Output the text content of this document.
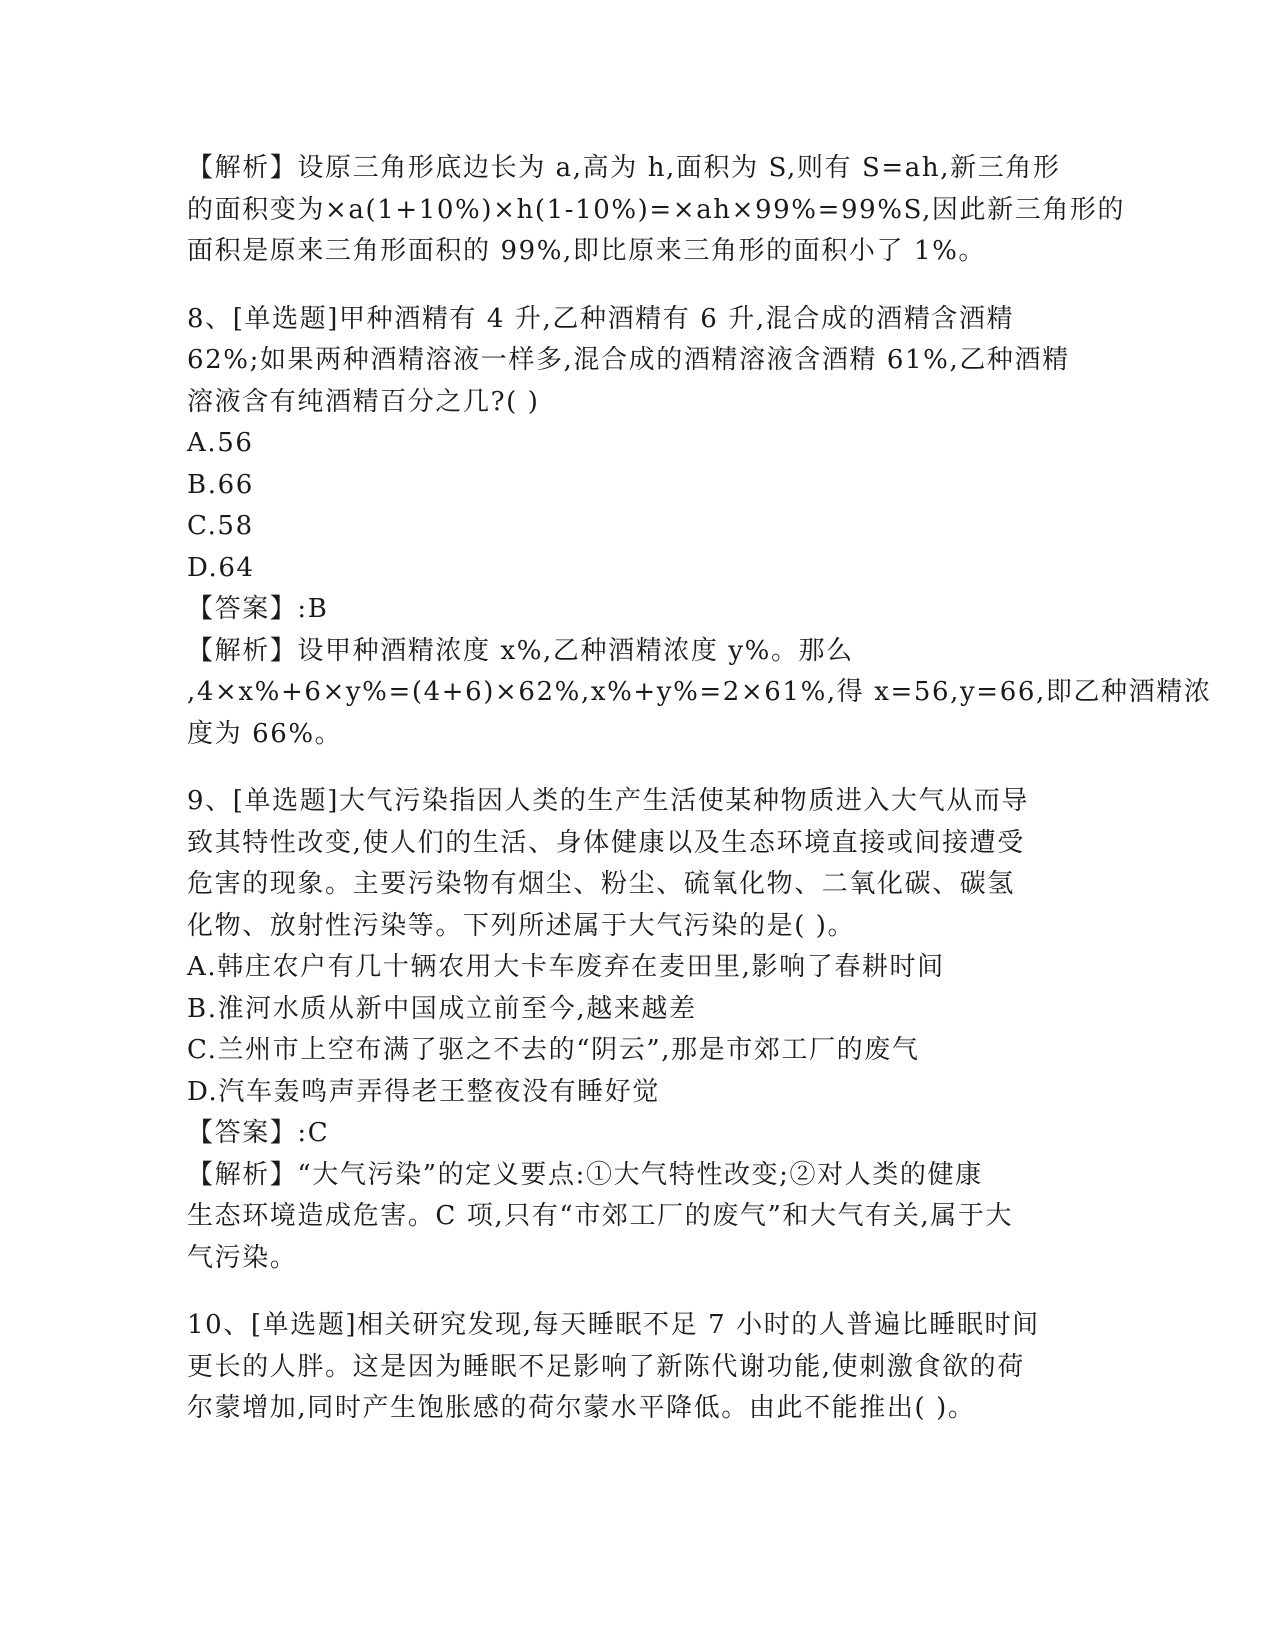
【解析】设原三角形底边长为 a,高为 h,面积为 S,则有 S=ah,新三角形
的面积变为×a(1+10%)×h(1-10%)=×ah×99%=99%S,因此新三角形的
面积是原来三角形面积的 99%,即比原来三角形的面积小了 1%。
8、[单选题]甲种酒精有 4 升,乙种酒精有 6 升,混合成的酒精含酒精
62%;如果两种酒精溶液一样多,混合成的酒精溶液含酒精 61%,乙种酒精
溶液含有纯酒精百分之几?( )
A.56
B.66
C.58
D.64
【答案】:B
【解析】设甲种酒精浓度 x%,乙种酒精浓度 y%。那么
,4×x%+6×y%=(4+6)×62%,x%+y%=2×61%,得 x=56,y=66,即乙种酒精浓
度为 66%。
9、[单选题]大气污染指因人类的生产生活使某种物质进入大气从而导
致其特性改变,使人们的生活、身体健康以及生态环境直接或间接遭受
危害的现象。主要污染物有烟尘、粉尘、硫氧化物、二氧化碳、碳氢
化物、放射性污染等。下列所述属于大气污染的是( )。
A.韩庄农户有几十辆农用大卡车废弃在麦田里,影响了春耕时间
B.淮河水质从新中国成立前至今,越来越差
C.兰州市上空布满了驱之不去的“阴云”,那是市郊工厂的废气
D.汽车轰鸣声弄得老王整夜没有睡好觉
【答案】:C
【解析】“大气污染”的定义要点:①大气特性改变;②对人类的健康
生态环境造成危害。C 项,只有“市郊工厂的废气”和大气有关,属于大
气污染。
10、[单选题]相关研究发现,每天睡眠不足 7 小时的人普遍比睡眠时间
更长的人胖。这是因为睡眠不足影响了新陈代谢功能,使刺激食欲的荷
尔蒙增加,同时产生饱胀感的荷尔蒙水平降低。由此不能推出( )。
